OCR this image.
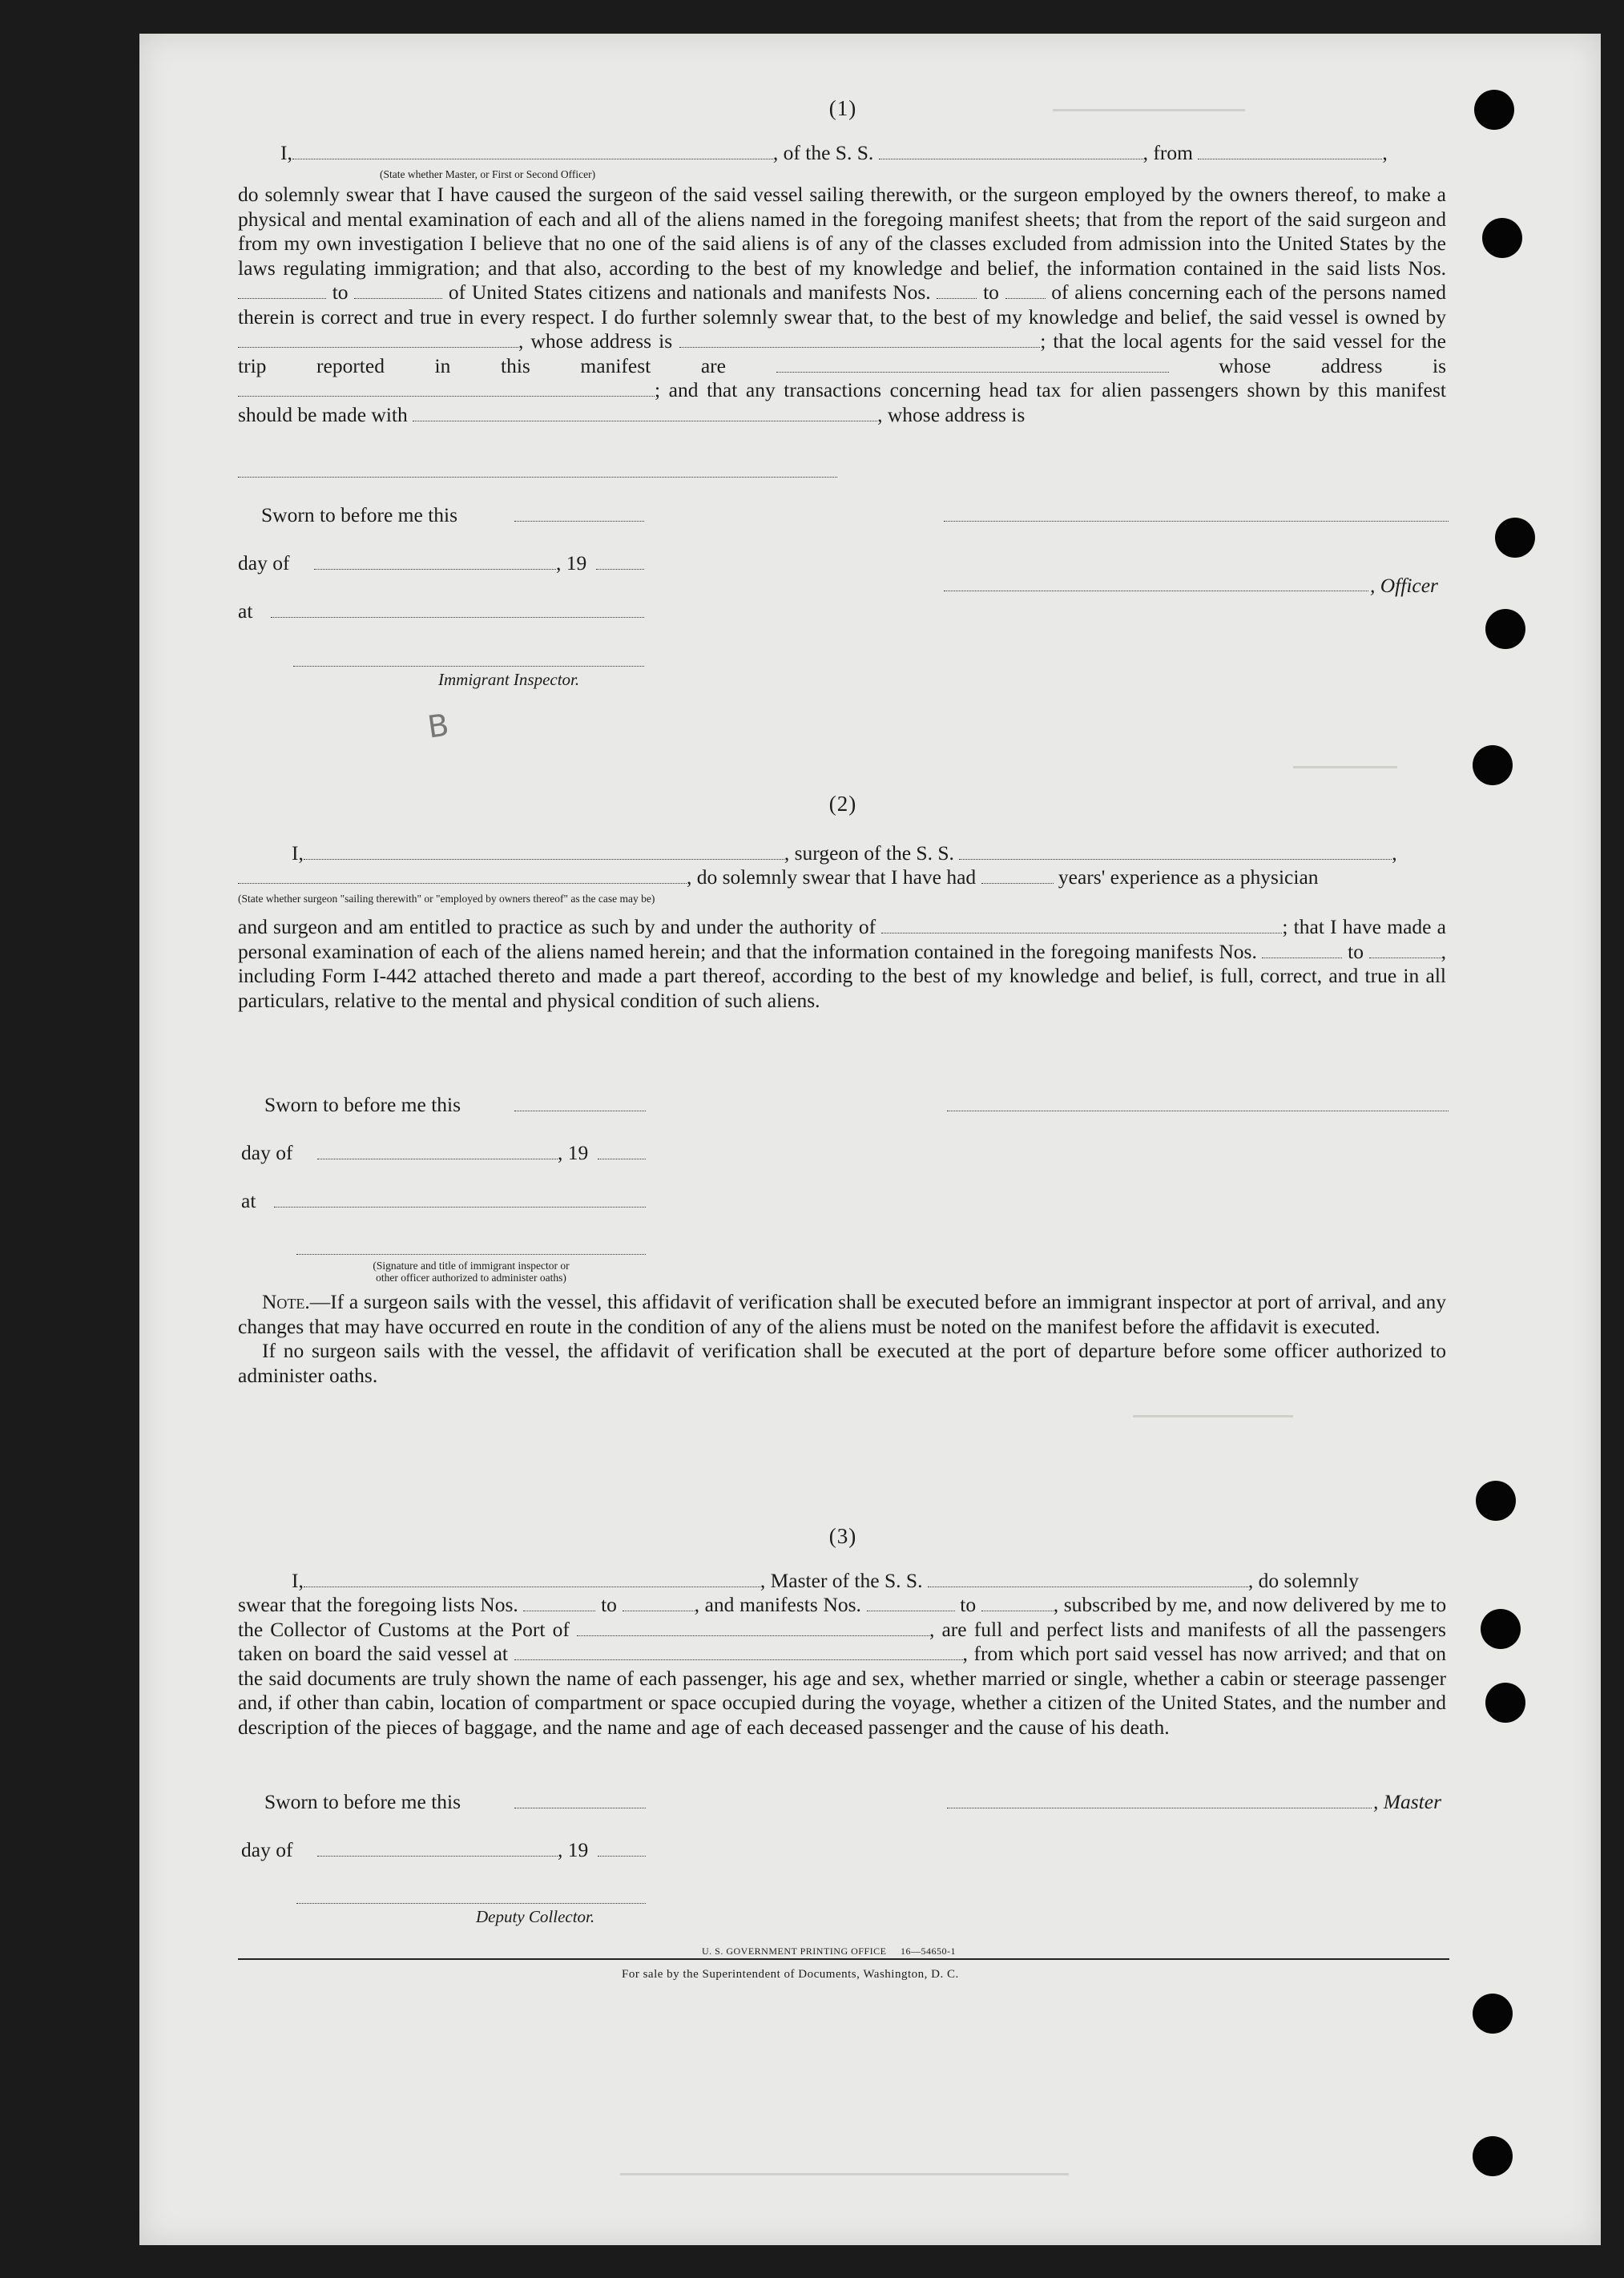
(1)
I,	, of the S. S.	, from	,
(State whether Master, or First or Second Officer)
do solemnly swear that I have caused the surgeon of the said vessel sailing therewith, or the surgeon employed by the owners thereof, to make a physical and mental examination of each and all of the aliens named in the foregoing manifest sheets; that from the report of the said surgeon and from my own investigation I believe that no one of the said aliens is of any of the classes excluded from admission into the United States by the laws regulating immigration; and that also, according to the best of my knowledge and belief, the information contained in the said lists Nos.  to	of United States citizens and nationals and manifests Nos.	to	of aliens concerning each of the persons named therein is correct and true in every respect. I do further solemnly swear that, to the best of my knowledge and belief, the said vessel is owned by , whose address is	; that the local agents for the said vessel for the trip reported in this manifest are	whose address is ; and that any transactions concerning head tax for alien passengers shown by this manifest should be made with	, whose address is
Sworn to before me this
day of	, 19
, Officer
at
Immigrant Inspector.
B
(2)
I,	, surgeon of the S. S.	,
, do solemnly swear that I have had	years' experience as a physician
(State whether surgeon "sailing therewith" or "employed by owners thereof" as the case may be)
and surgeon and am entitled to practice as such by and under the authority of	; that I have made a personal examination of each of the aliens named herein; and that the information contained in the foregoing manifests Nos.	to	, including Form I-442 attached thereto and made a part thereof, according to the best of my knowledge and belief, is full, correct, and true in all particulars, relative to the mental and physical condition of such aliens.
Sworn to before me this
day of	, 19
at
(Signature and title of immigrant inspector or
other officer authorized to administer oaths)
Note.—If a surgeon sails with the vessel, this affidavit of verification shall be executed before an immigrant inspector at port of arrival, and any changes that may have occurred en route in the condition of any of the aliens must be noted on the manifest before the affidavit is executed.
If no surgeon sails with the vessel, the affidavit of verification shall be executed at the port of departure before some officer authorized to administer oaths.
(3)
I,	, Master of the S. S.	, do solemnly
swear that the foregoing lists Nos.	to	, and manifests Nos.	to	, subscribed by me, and now delivered by me to the Collector of Customs at the Port of	, are full and perfect lists and manifests of all the passengers taken on board the said vessel at	, from which port said vessel has now arrived; and that on the said documents are truly shown the name of each passenger, his age and sex, whether married or single, whether a cabin or steerage passenger and, if other than cabin, location of compartment or space occupied during the voyage, whether a citizen of the United States, and the number and description of the pieces of baggage, and the name and age of each deceased passenger and the cause of his death.
Sworn to before me this	, Master
day of	, 19
Deputy Collector.
U. S. GOVERNMENT PRINTING OFFICE     16—54650-1
For sale by the Superintendent of Documents, Washington, D. C.
